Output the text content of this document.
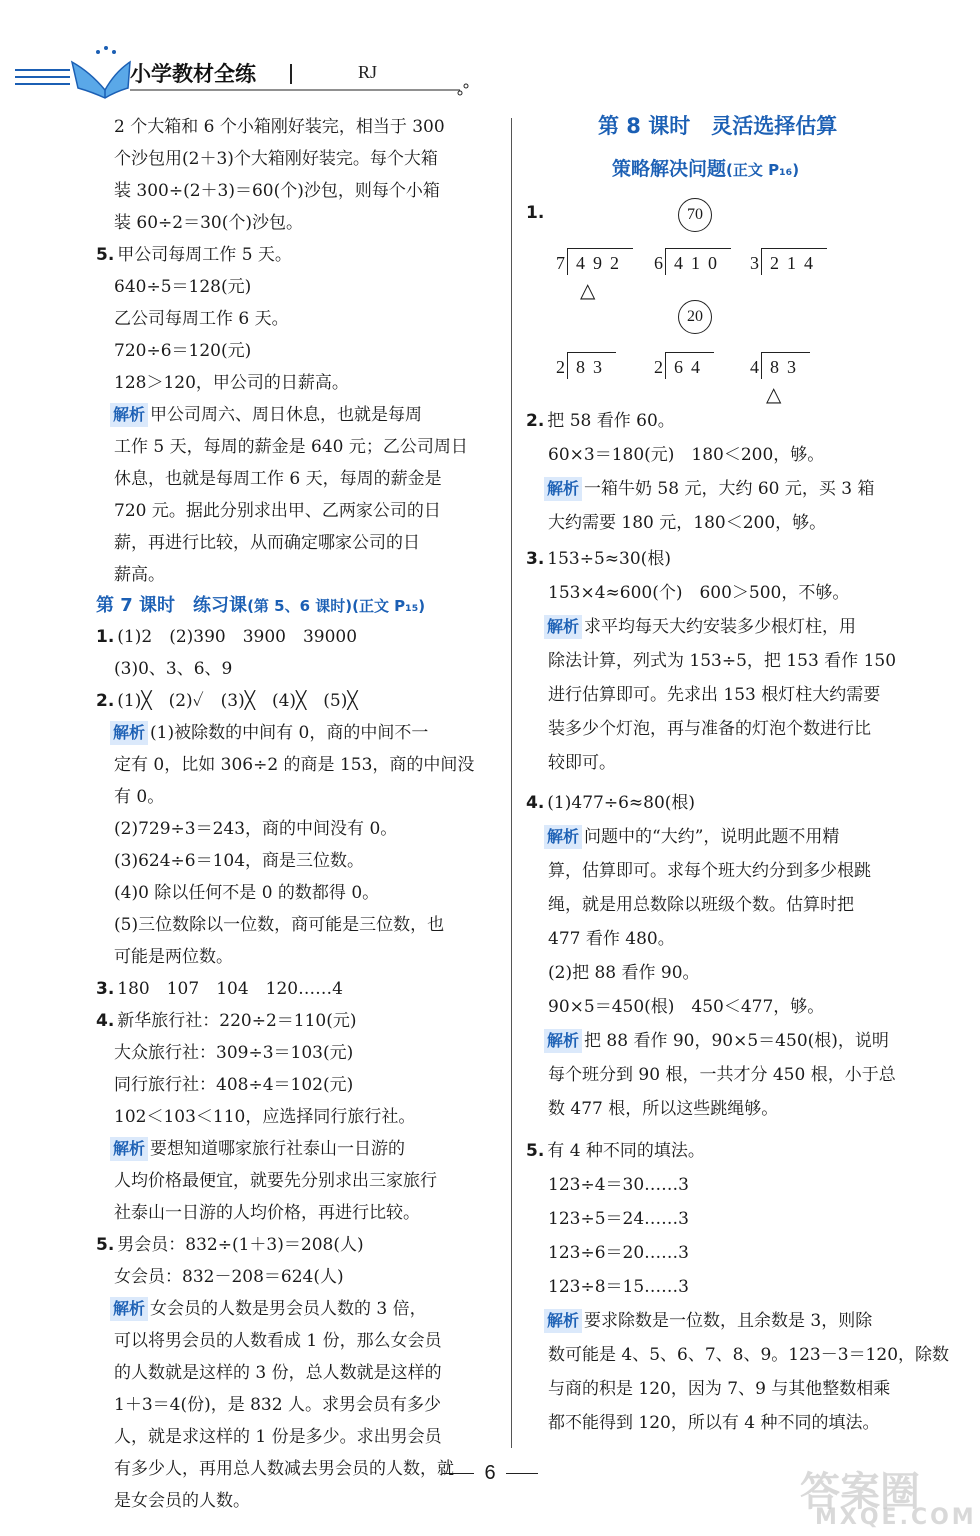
小学教材全练	RJ
2 个大箱和 6 个小箱刚好装完，相当于 300
个沙包用(2＋3)个大箱刚好装完。每个大箱
装 300÷(2＋3)＝60(个)沙包，则每个小箱
装 60÷2＝30(个)沙包。
5. 甲公司每周工作 5 天。
640÷5＝128(元)
乙公司每周工作 6 天。
720÷6＝120(元)
128＞120，甲公司的日薪高。
解析 甲公司周六、周日休息，也就是每周
工作 5 天，每周的薪金是 640 元；乙公司周日
休息，也就是每周工作 6 天，每周的薪金是
720 元。据此分别求出甲、乙两家公司的日
薪，再进行比较，从而确定哪家公司的日
薪高。
第 7 课时　练习课(第 5、6 课时)(正文 P₁₅)
1. (1)2　(2)390　3900　39000
(3)0、3、6、9
2. (1)╳　(2)✓　(3)╳　(4)╳　(5)╳
解析 (1)被除数的中间有 0，商的中间不一
定有 0，比如 306÷2 的商是 153，商的中间没
有 0。
(2)729÷3＝243，商的中间没有 0。
(3)624÷6＝104，商是三位数。
(4)0 除以任何不是 0 的数都得 0。
(5)三位数除以一位数，商可能是三位数，也
可能是两位数。
3. 180　107　104　120……4
4. 新华旅行社：220÷2＝110(元)
大众旅行社：309÷3＝103(元)
同行旅行社：408÷4＝102(元)
102＜103＜110，应选择同行旅行社。
解析 要想知道哪家旅行社泰山一日游的
人均价格最便宜，就要先分别求出三家旅行
社泰山一日游的人均价格，再进行比较。
5. 男会员：832÷(1＋3)＝208(人)
女会员：832－208＝624(人)
解析 女会员的人数是男会员人数的 3 倍，
第 8 课时　灵活选择估算
策略解决问题(正文 P₁₆)
1.	70
7 492	6 410	3 214
△
20
2 83	2 64	4 83
△
2. 把 58 看作 60。
60×3＝180(元)　180＜200，够。
解析 一箱牛奶 58 元，大约 60 元，买 3 箱
大约需要 180 元，180＜200，够。
3. 153÷5≈30(根)
153×4≈600(个)　600＞500，不够。
解析 求平均每天大约安装多少根灯柱，用
除法计算，列式为 153÷5，把 153 看作 150
进行估算即可。先求出 153 根灯柱大约需要
装多少个灯泡，再与准备的灯泡个数进行比
较即可。
4. (1)477÷6≈80(根)
解析 问题中的“大约”，说明此题不用精
算，估算即可。求每个班大约分到多少根跳
绳，就是用总数除以班级个数。估算时把
477 看作 480。
(2)把 88 看作 90。
90×5＝450(根)　450＜477，够。
解析 把 88 看作 90，90×5＝450(根)，说明
每个班分到 90 根，一共才分 450 根，小于总
数 477 根，所以这些跳绳够。
5. 有 4 种不同的填法。
123÷4＝30……3
123÷5＝24……3
123÷6＝20……3
123÷8＝15……3
解析 要求除数是一位数，且余数是 3，则除
数可能是 4、5、6、7、8、9。123－3＝120，除数
与商的积是 120，因为 7、9 与其他整数相乘
都不能得到 120，所以有 4 种不同的填法。
6	答案圈
MXQE.COM
可以将男会员的人数看成 1 份，那么女会员
的人数就是这样的 3 份，总人数就是这样的
1＋3＝4(份)，是 832 人。求男会员有多少
人，就是求这样的 1 份是多少。求出男会员
有多少人，再用总人数减去男会员的人数，就
是女会员的人数。
